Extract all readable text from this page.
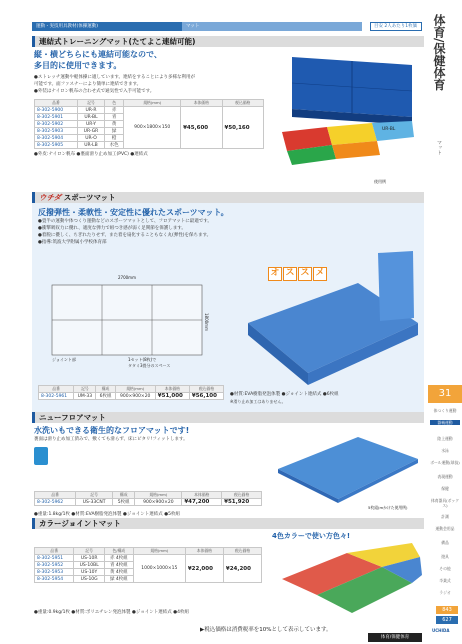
運動・実技用具教材(体操運動)	マット	目安 2人あたり1枚価
連結式トレーニングマット(たてよこ連結可能)
縦・横どちらにも連結可能なので、
多目的に使用できます。
●ストレッチ運動や軽体操に適しています。連結をすることにより多様な利用が
可能です。面ファスナーにより簡単に連結できます。
●外装はナイロン帆布の合わせ式で通気性で入手可能です。
品番	記号	色	規格(mm)	本体価格	税込価格
8-302-5900	UR-R	赤	900×1800×150	¥45,600	¥50,160
8-302-5901	UR-BL	青			
8-302-5902	UR-Y	黄			
8-302-5903	UR-GR	緑			
8-302-5904	UR-O	橙			
8-302-5905	UR-LB	水色			
●外皮:ナイロン帆布 ●裏面滑り止め加工(PVC) ●連結式
UR-BL
使用例
ウチダ スポーツマット
反撥弾性・柔軟性・安定性に優れたスポーツマット。
●畳半の運動や体つくり運動などのスポーツマットとして、フロアマットに最適です。
●衝撃吸収力に優れ、適度な弾力で組つき感が弱く足関節を保護します。
●着脱に優しく、ちぎれたりせず、また着を扇化することもなく丸(弾性)を保ちます。
●指導:筑波大学附属小学校体育部
2700mm
1800mm
ジョイント部	1セット(8枚)で
タタミ3畳分のスペース
オ ス ス メ
品番	記号	構成	規格(mm)	本体価格	税込価格
8-302-5961	UM-33	6枚組	900×900×20	¥51,000	¥56,100	●材質:EVA樹脂発泡体製 ●ジョイント連結式 ●6枚組
※滑り止め加工はありません。
ニューフロアマット
水洗いもできる衛生的なフロアマットです!
裏面は滑り止め加工済みで、敷くても滑らず、床にピタリ!フィットします。
品番	記号	構成	規格(mm)	本体価格	税込価格
8-302-5962	US-33CNT	5枚組	900×900×20	¥47,200	¥51,920
●重量:1.8kg/1枚 ●材質:EVA樹脂発泡体製 ●ジョイント連結式 ●5枚組
5枚組(mかけた使用例)
カラージョイントマット
品番	記号	色/構成	規格(mm)	本体価格	税込価格
8-302-5951	US-10R	赤 4枚組	1000×1000×15	¥22,000	¥24,200
8-302-5952	US-10BL	青 4枚組			
8-302-5953	US-10Y	黄 4枚組			
8-302-5954	US-10G	緑 4枚組			
●重量:0.9kg/1枚 ●材質:ポリエチレン発泡体製 ●ジョイント連結式 ●4枚組
4色カラーで使い方色々!
▶税込価格は消費税率を10%として表示しています。
体育/保健体育
体育/保健体育
マット
31
体つくり運動
器械運動
陸上運動
水泳
ボール運動(球技)
表現運動
保健
体育器具(ボックス)
計測
運動会用品
備品
遊具
その他
卒業式
ラジオ
843
627
UCHIDA
